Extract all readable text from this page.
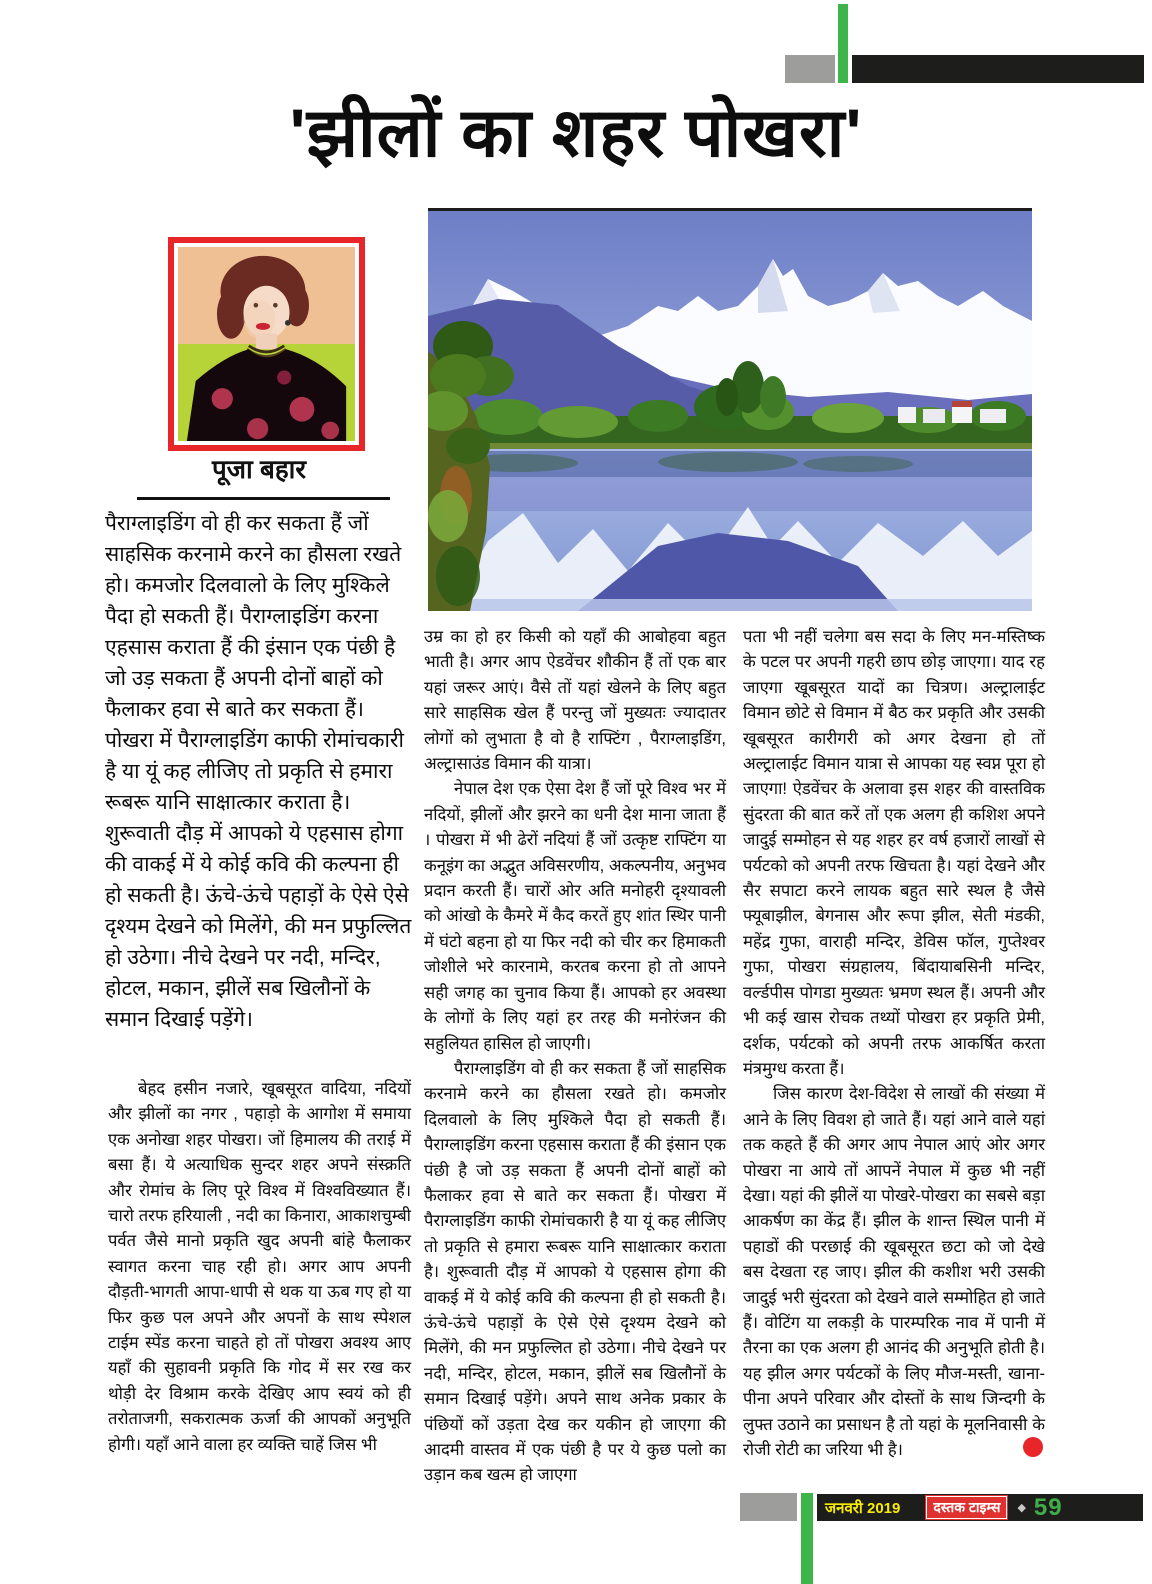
'झीलों का शहर पोखरा'
पूजा बहार
पैराग्लाइडिंग वो ही कर सकता हैं जों साहसिक करनामे करने का हौसला रखते हो। कमजोर दिलवालो के लिए मुश्किले पैदा हो सकती हैं। पैराग्लाइडिंग करना एहसास कराता हैं की इंसान एक पंछी है जो उड़ सकता हैं अपनी दोनों बाहों को फैलाकर हवा से बाते कर सकता हैं। पोखरा में पैराग्लाइडिंग काफी रोमांचकारी है या यूं कह लीजिए तो प्रकृति से हमारा रूबरू यानि साक्षात्कार कराता है। शुरूवाती दौड़ में आपको ये एहसास होगा की वाकई में ये कोई कवि की कल्पना ही हो सकती है। ऊंचे-ऊंचे पहाड़ों के ऐसे ऐसे दृश्यम देखने को मिलेंगे, की मन प्रफुल्लित हो उठेगा। नीचे देखने पर नदी, मन्दिर, होटल, मकान, झीलें सब खिलौनों के समान दिखाई पड़ेंगे।

बेहद हसीन नजारे, खूबसूरत वादिया, नदियों और झीलों का नगर , पहाड़ो के आगोश में समाया एक अनोखा शहर पोखरा। जों हिमालय की तराई में बसा हैं। ये अत्याधिक सुन्दर शहर अपने संस्क्रति और रोमांच के लिए पूरे विश्व में विश्वविख्यात हैं। चारो तरफ हरियाली , नदी का किनारा, आकाशचुम्बी पर्वत जैसे मानो प्रकृति खुद अपनी बांहे फैलाकर स्वागत करना चाह रही हो। अगर आप अपनी दौड़ती-भागती आपा-धापी से थक या ऊब गए हो या फिर कुछ पल अपने और अपनों के साथ स्पेशल टाईम स्पेंड करना चाहते हो तों पोखरा अवश्य आए यहाँ की सुहावनी प्रकृति कि गोद में सर रख कर थोड़ी देर विश्राम करके देखिए आप स्वयं को ही तरोताजगी, सकरात्मक ऊर्जा की आपकों अनुभूति होगी। यहाँ आने वाला हर व्यक्ति चाहें जिस भी

उम्र का हो हर किसी को यहाँ की आबोहवा बहुत भाती है। अगर आप ऐडवेंचर शौकीन हैं तों एक बार यहां जरूर आएं। वैसे तों यहां खेलने के लिए बहुत सारे साहसिक खेल हैं परन्तु जों मुख्यतः ज्यादातर लोगों को लुभाता है वो है राफ्टिंग , पैराग्लाइडिंग, अल्ट्रासाउंड विमान की यात्रा।

नेपाल देश एक ऐसा देश हैं जों पूरे विश्व भर में नदियों, झीलों और झरने का धनी देश माना जाता हैं । पोखरा में भी ढेरों नदियां हैं जों उत्कृष्ट राफ्टिंग या कनूइंग का अद्भुत अविसरणीय, अकल्पनीय, अनुभव प्रदान करती हैं। चारों ओर अति मनोहरी दृश्यावली को आंखो के कैमरे में कैद करतें हुए शांत स्थिर पानी में घंटो बहना हो या फिर नदी को चीर कर हिमाकती जोशीले भरे कारनामे, करतब करना हो तो आपने सही जगह का चुनाव किया हैं। आपको हर अवस्था के लोगों के लिए यहां हर तरह की मनोरंजन की सहुलियत हासिल हो जाएगी।

पैराग्लाइडिंग वो ही कर सकता हैं जों साहसिक करनामे करने का हौसला रखते हो। कमजोर दिलवालो के लिए मुश्किले पैदा हो सकती हैं। पैराग्लाइडिंग करना एहसास कराता हैं की इंसान एक पंछी है जो उड़ सकता हैं अपनी दोनों बाहों को फैलाकर हवा से बाते कर सकता हैं। पोखरा में पैराग्लाइडिंग काफी रोमांचकारी है या यूं कह लीजिए तो प्रकृति से हमारा रूबरू यानि साक्षात्कार कराता है। शुरूवाती दौड़ में आपको ये एहसास होगा की वाकई में ये कोई कवि की कल्पना ही हो सकती है। ऊंचे-ऊंचे पहाड़ों के ऐसे ऐसे दृश्यम देखने को मिलेंगे, की मन प्रफुल्लित हो उठेगा। नीचे देखने पर नदी, मन्दिर, होटल, मकान, झीलें सब खिलौनों के समान दिखाई पड़ेंगे। अपने साथ अनेक प्रकार के पंछियों कों उड़ता देख कर यकीन हो जाएगा की आदमी वास्तव में एक पंछी है पर ये कुछ पलो का उड़ान कब खत्म हो जाएगा

पता भी नहीं चलेगा बस सदा के लिए मन-मस्तिष्क के पटल पर अपनी गहरी छाप छोड़ जाएगा। याद रह जाएगा खूबसूरत यादों का चित्रण। अल्ट्रालाईट विमान छोटे से विमान में बैठ कर प्रकृति और उसकी खूबसूरत कारीगरी को अगर देखना हो तों अल्ट्रालाईट विमान यात्रा से आपका यह स्वप्न पूरा हो जाएगा! ऐडवेंचर के अलावा इस शहर की वास्तविक सुंदरता की बात करें तों एक अलग ही कशिश अपने जादुई सम्मोहन से यह शहर हर वर्ष हजारों लाखों से पर्यटको को अपनी तरफ खिचता है। यहां देखने और सैर सपाटा करने लायक बहुत सारे स्थल है जैसे फ्यूबाझील, बेगनास और रूपा झील, सेती मंडकी, महेंद्र गुफा, वाराही मन्दिर, डेविस फॉल, गुप्तेश्वर गुफा, पोखरा संग्रहालय, बिंदायाबसिनी मन्दिर, वर्ल्डपीस पोगडा मुख्यतः भ्रमण स्थल हैं। अपनी और भी कई खास रोचक तथ्यों पोखरा हर प्रकृति प्रेमी, दर्शक, पर्यटको को अपनी तरफ आकर्षित करता मंत्रमुग्ध करता हैं।

जिस कारण देश-विदेश से लाखों की संख्या में आने के लिए विवश हो जाते हैं। यहां आने वाले यहां तक कहते हैं की अगर आप नेपाल आएं ओर अगर पोखरा ना आये तों आपनें नेपाल में कुछ भी नहीं देखा। यहां की झीलें या पोखरे-पोखरा का सबसे बड़ा आकर्षण का केंद्र हैं। झील के शान्त स्थिल पानी में पहाडों की परछाई की खूबसूरत छटा को जो देखे बस देखता रह जाए। झील की कशीश भरी उसकी जादुई भरी सुंदरता को देखने वाले सम्मोहित हो जाते हैं। वोटिंग या लकड़ी के पारम्परिक नाव में पानी में तैरना का एक अलग ही आनंद की अनुभूति होती है। यह झील अगर पर्यटकों के लिए मौज-मस्ती, खाना-पीना अपने परिवार और दोस्तों के साथ जिन्दगी के लुफ्त उठाने का प्रसाधन है तो यहां के मूलनिवासी के रोजी रोटी का जरिया भी है।

जनवरी 2019	दस्तक टाइम्स	◆ 59
